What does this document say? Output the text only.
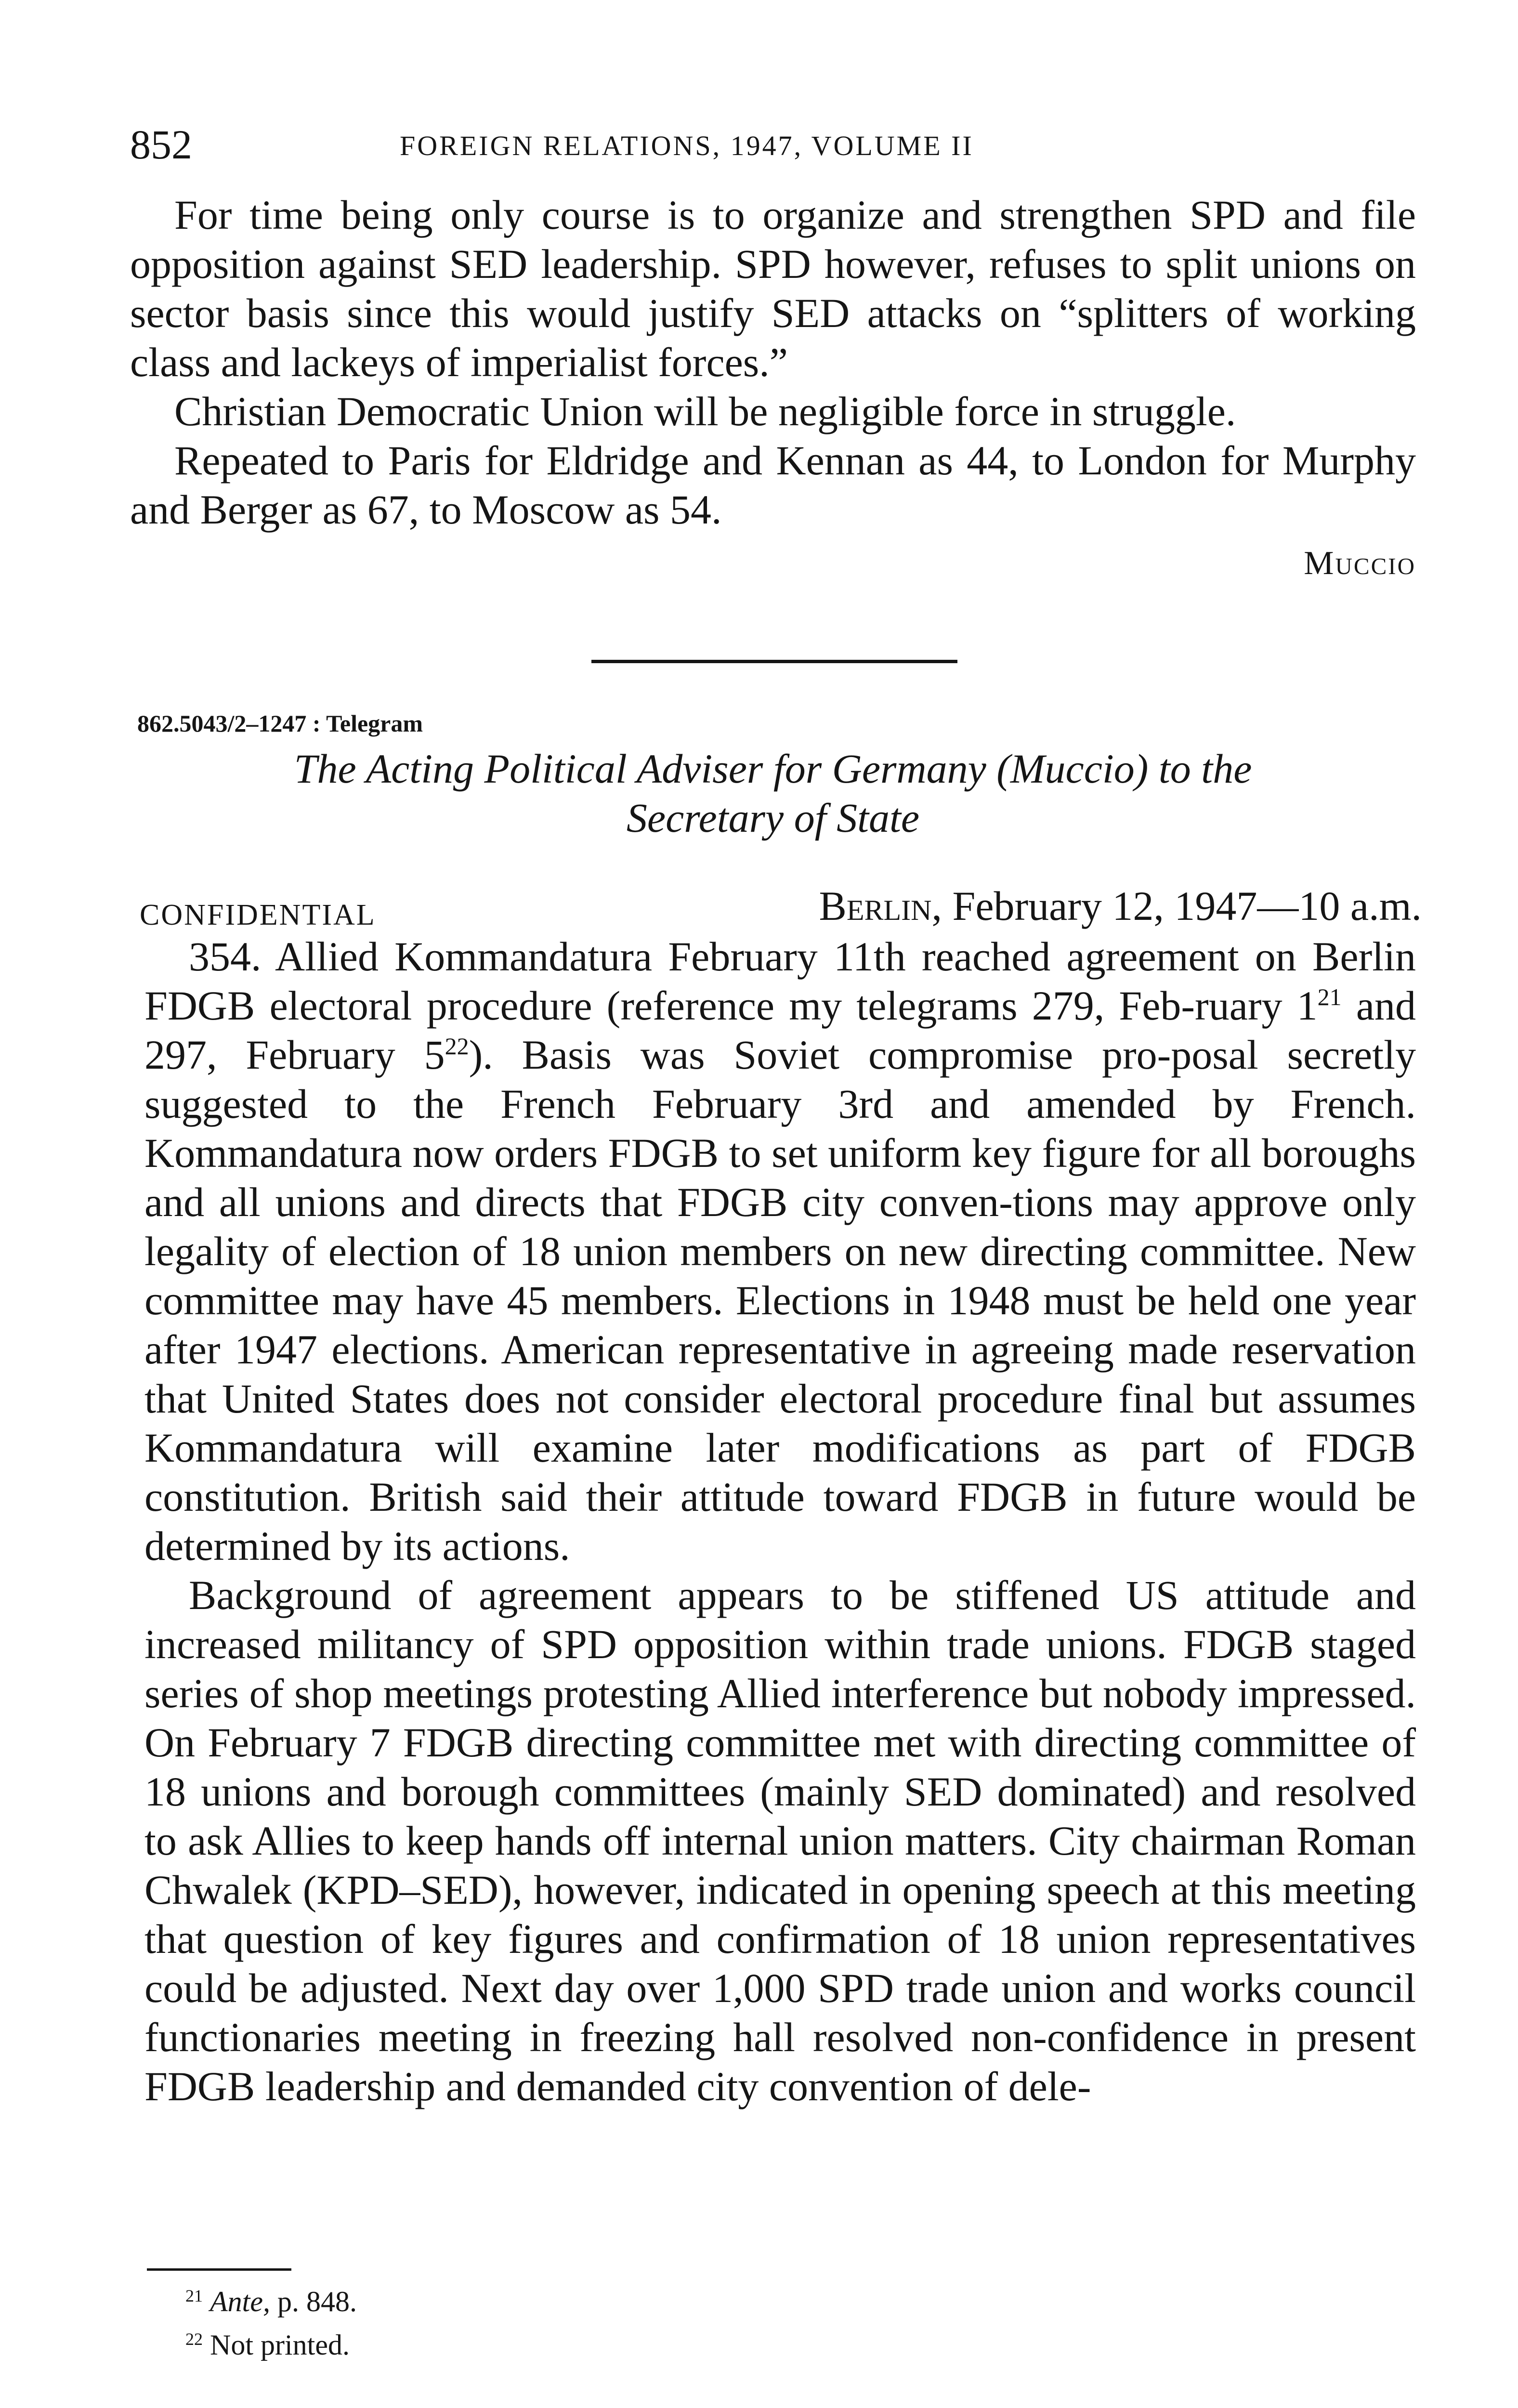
852	FOREIGN RELATIONS, 1947, VOLUME II

For time being only course is to organize and strengthen SPD and file opposition against SED leadership. SPD however, refuses to split unions on sector basis since this would justify SED attacks on “splitters of working class and lackeys of imperialist forces.”

Christian Democratic Union will be negligible force in struggle.

Repeated to Paris for Eldridge and Kennan as 44, to London for Murphy and Berger as 67, to Moscow as 54.

Muccio
862.5043/2–1247 : Telegram
The Acting Political Adviser for Germany (Muccio) to the
Secretary of State
CONFIDENTIAL	Berlin, February 12, 1947—10 a.m.

354. Allied Kommandatura February 11th reached agreement on Berlin FDGB electoral procedure (reference my telegrams 279, Feb-ruary 1$^{21}$ and 297, February 5$^{22}$). Basis was Soviet compromise pro-posal secretly suggested to the French February 3rd and amended by French. Kommandatura now orders FDGB to set uniform key figure for all boroughs and all unions and directs that FDGB city conven-tions may approve only legality of election of 18 union members on new directing committee. New committee may have 45 members. Elections in 1948 must be held one year after 1947 elections. American representative in agreeing made reservation that United States does not consider electoral procedure final but assumes Kommandatura will examine later modifications as part of FDGB constitution. British said their attitude toward FDGB in future would be determined by its actions.

Background of agreement appears to be stiffened US attitude and increased militancy of SPD opposition within trade unions. FDGB staged series of shop meetings protesting Allied interference but nobody impressed. On February 7 FDGB directing committee met with directing committee of 18 unions and borough committees (mainly SED dominated) and resolved to ask Allies to keep hands off internal union matters. City chairman Roman Chwalek (KPD–SED), however, indicated in opening speech at this meeting that question of key figures and confirmation of 18 union representatives could be adjusted. Next day over 1,000 SPD trade union and works council functionaries meeting in freezing hall resolved non-confidence in present FDGB leadership and demanded city convention of dele-

$^{21}$ Ante, p. 848.
$^{22}$ Not printed.
